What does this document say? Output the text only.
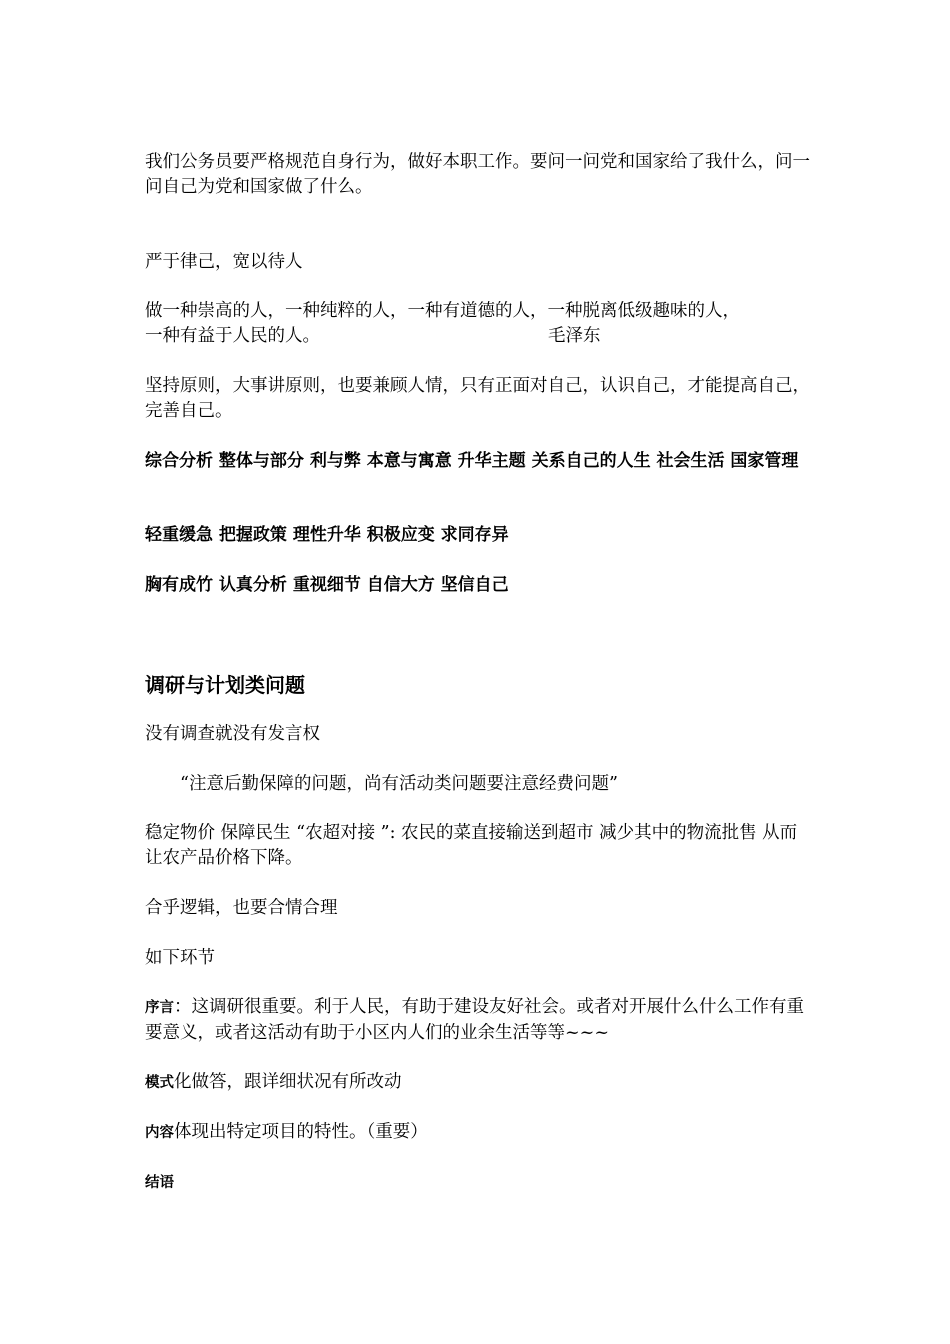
我们公务员要严格规范自身行为，做好本职工作。要问一问党和国家给了我什么，问一问自己为党和国家做了什么。

严于律己，宽以待人

做一种崇高的人，一种纯粹的人，一种有道德的人，一种脱离低级趣味的人，
一种有益于人民的人。	毛泽东

坚持原则，大事讲原则，也要兼顾人情，只有正面对自己，认识自己，才能提高自己，完善自己。

综合分析 整体与部分 利与弊 本意与寓意 升华主题 关系自己的人生 社会生活 国家管理

轻重缓急 把握政策 理性升华 积极应变 求同存异

胸有成竹 认真分析 重视细节 自信大方 坚信自己

调研与计划类问题

没有调查就没有发言权

“注意后勤保障的问题，尚有活动类问题要注意经费问题”

稳定物价 保障民生 “农超对接 ”: 农民的菜直接输送到超市 减少其中的物流批售 从而让农产品价格下降。

合乎逻辑，也要合情合理

如下环节

序言：这调研很重要。利于人民，有助于建设友好社会。或者对开展什么什么工作有重要意义，或者这活动有助于小区内人们的业余生活等等~~~

模式化做答，跟详细状况有所改动

内容体现出特定项目的特性。（重要）

结语
